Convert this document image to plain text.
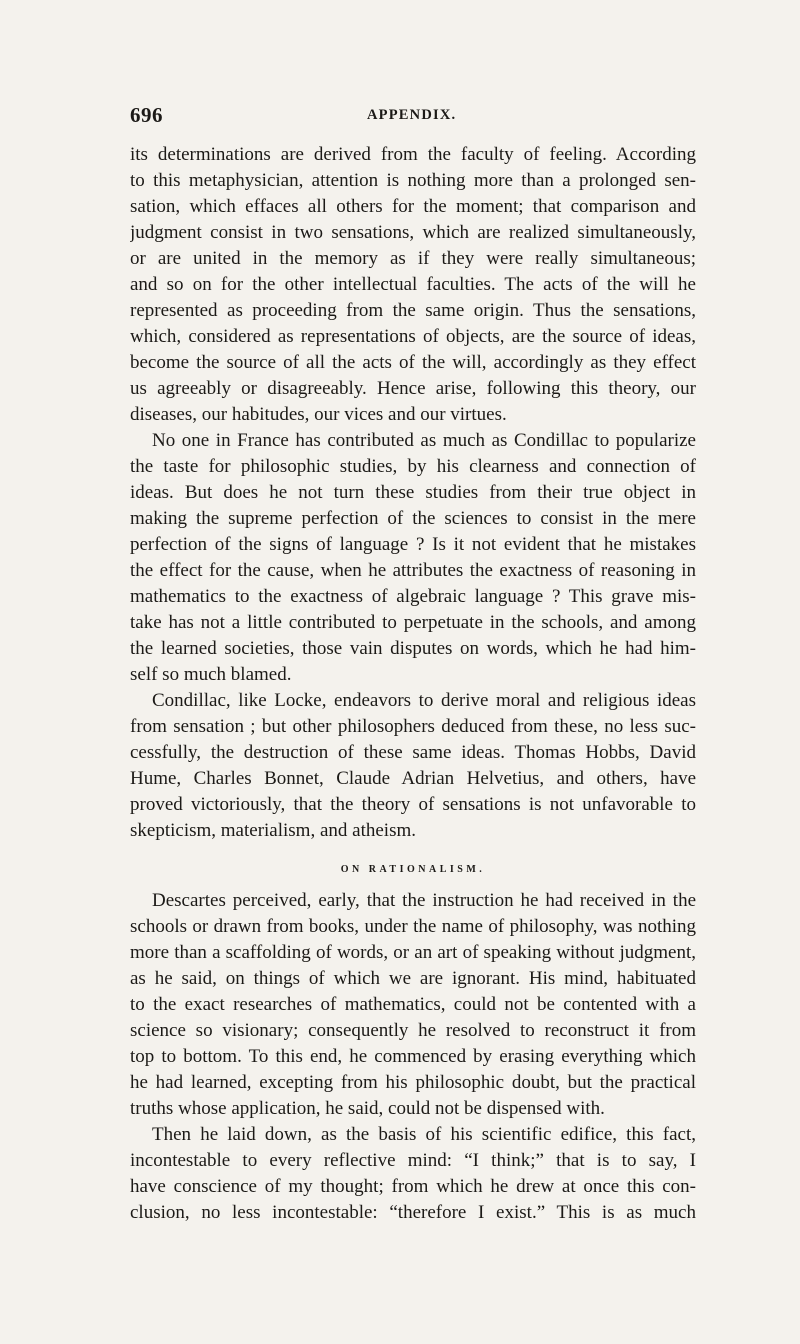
696	APPENDIX.
its determinations are derived from the faculty of feeling. According
to this metaphysician, attention is nothing more than a prolonged sen-
sation, which effaces all others for the moment; that comparison and
judgment consist in two sensations, which are realized simultaneously,
or are united in the memory as if they were really simultaneous;
and so on for the other intellectual faculties. The acts of the will he
represented as proceeding from the same origin. Thus the sensations,
which, considered as representations of objects, are the source of ideas,
become the source of all the acts of the will, accordingly as they effect
us agreeably or disagreeably. Hence arise, following this theory, our
diseases, our habitudes, our vices and our virtues.
No one in France has contributed as much as Condillac to popularize
the taste for philosophic studies, by his clearness and connection of
ideas. But does he not turn these studies from their true object in
making the supreme perfection of the sciences to consist in the mere
perfection of the signs of language ? Is it not evident that he mistakes
the effect for the cause, when he attributes the exactness of reasoning in
mathematics to the exactness of algebraic language ? This grave mis-
take has not a little contributed to perpetuate in the schools, and among
the learned societies, those vain disputes on words, which he had him-
self so much blamed.
Condillac, like Locke, endeavors to derive moral and religious ideas
from sensation ; but other philosophers deduced from these, no less suc-
cessfully, the destruction of these same ideas. Thomas Hobbs, David
Hume, Charles Bonnet, Claude Adrian Helvetius, and others, have
proved victoriously, that the theory of sensations is not unfavorable to
skepticism, materialism, and atheism.
ON RATIONALISM.
Descartes perceived, early, that the instruction he had received in the
schools or drawn from books, under the name of philosophy, was nothing
more than a scaffolding of words, or an art of speaking without judgment,
as he said, on things of which we are ignorant. His mind, habituated
to the exact researches of mathematics, could not be contented with a
science so visionary; consequently he resolved to reconstruct it from
top to bottom. To this end, he commenced by erasing everything which
he had learned, excepting from his philosophic doubt, but the practical
truths whose application, he said, could not be dispensed with.
Then he laid down, as the basis of his scientific edifice, this fact,
incontestable to every reflective mind: “I think;” that is to say, I
have conscience of my thought; from which he drew at once this con-
clusion, no less incontestable: “therefore I exist.” This is as much
